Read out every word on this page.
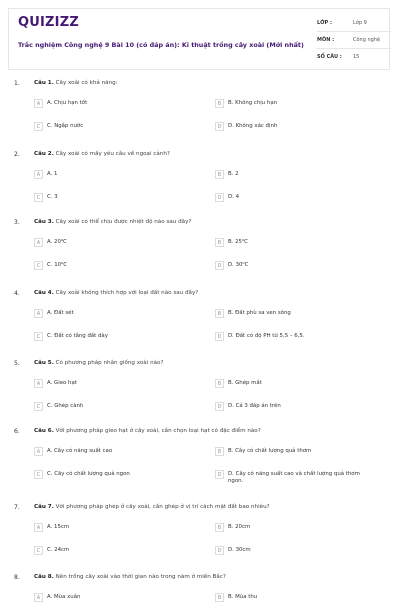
QUIZIZZ
Trắc nghiệm Công nghệ 9 Bài 10 (có đáp án): Kĩ thuật trồng cây xoài (Mới nhất)
LỚP :	Lớp 9
MÔN :	Công nghệ
SỐ CÂU :	15
1.	Câu 1. Cây xoài có khả năng:
A	A. Chịu hạn tốt	B	B. Không chịu hạn
C	C. Ngập nước	D	D. Không xác định
2.	Câu 2. Cây xoài có mấy yêu cầu về ngoại cảnh?
A	A. 1	B	B. 2
C	C. 3	D	D. 4
3.	Câu 3. Cây xoài có thể chịu được nhiệt độ nào sau đây?
A	A. 20⁰C	B	B. 25⁰C
C	C. 10⁰C	D	D. 30⁰C
4.	Câu 4. Cây xoài không thích hợp với loại đất nào sau đây?
A	A. Đất sét	B	B. Đất phù sa ven sông
C	C. Đất có tầng đất dày	D	D. Đất có độ PH từ 5,5 – 6,5.
5.	Câu 5. Có phương pháp nhân giống xoài nào?
A	A. Gieo hạt	B	B. Ghép mắt
C	C. Ghép cành	D	D. Cả 3 đáp án trên
6.	Câu 6. Với phương pháp gieo hạt ở cây xoài, cần chọn loại hạt có đặc điểm nào?
A	A. Cây có năng suất cao	B	B. Cây có chất lượng quả thơm
C	C. Cây có chất lượng quả ngon	D	D. Cây có năng suất cao và chất lượng quả thơm ngon.
7.	Câu 7. Với phương pháp ghép ở cây xoài, cần ghép ở vị trí cách mặt đất bao nhiêu?
A	A. 15cm	B	B. 20cm
C	C. 24cm	D	D. 30cm
8.	Câu 8. Nên trồng cây xoài vào thời gian nào trong năm ở miền Bắc?
A	A. Mùa xuân	B	B. Mùa thu
